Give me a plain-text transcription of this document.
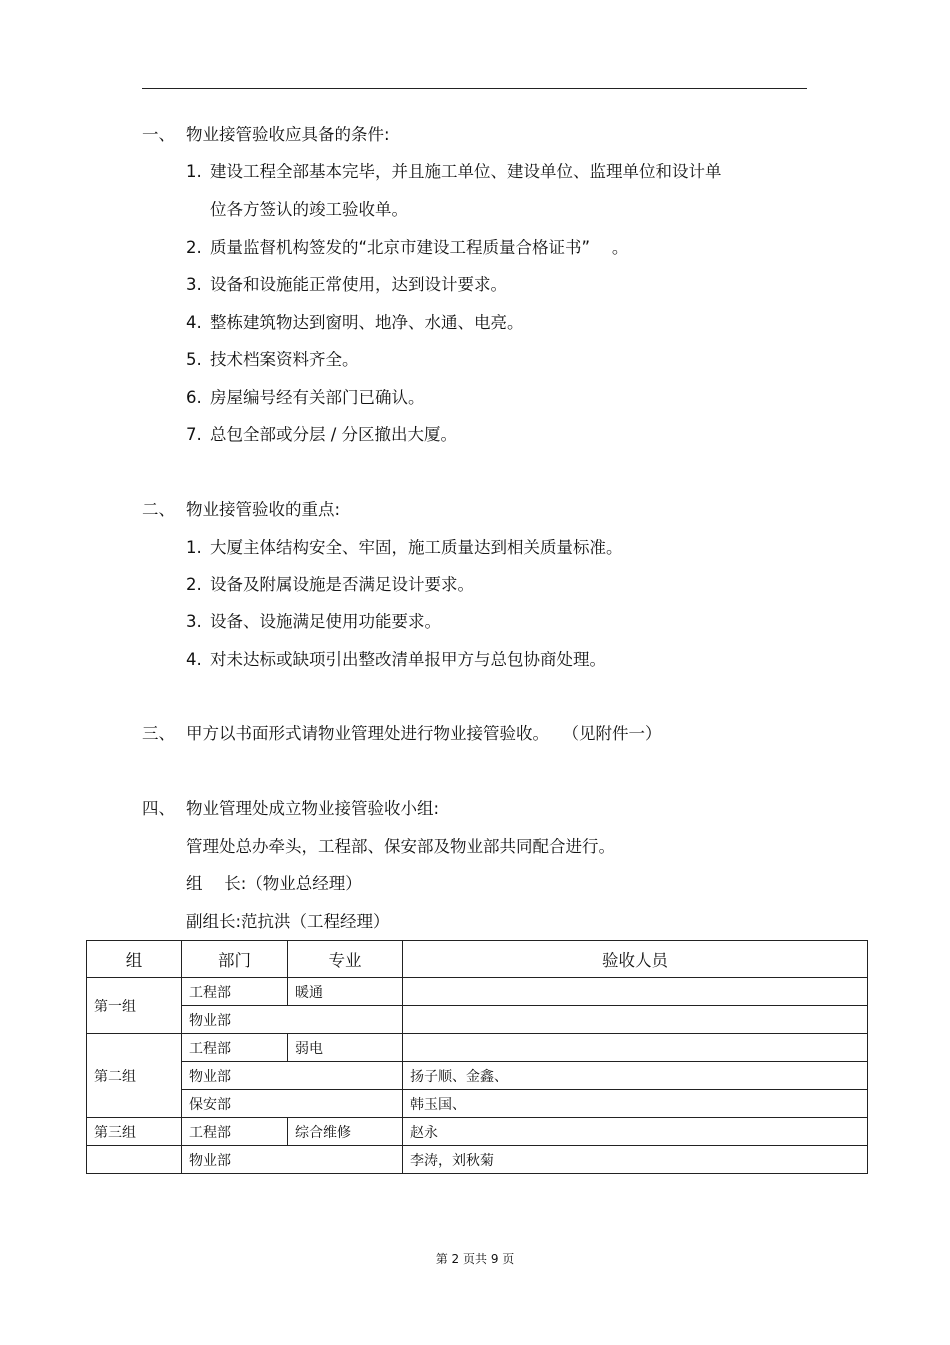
一、 物业接管验收应具备的条件:
1. 建设工程全部基本完毕，并且施工单位、建设单位、监理单位和设计单
位各方签认的竣工验收单。
2. 质量监督机构签发的“北京市建设工程质量合格证书”　 。
3. 设备和设施能正常使用，达到设计要求。
4. 整栋建筑物达到窗明、地净、水通、电亮。
5. 技术档案资料齐全。
6. 房屋编号经有关部门已确认。
7. 总包全部或分层 / 分区撤出大厦。
二、 物业接管验收的重点:
1. 大厦主体结构安全、牢固，施工质量达到相关质量标准。
2. 设备及附属设施是否满足设计要求。
3. 设备、设施满足使用功能要求。
4. 对未达标或缺项引出整改清单报甲方与总包协商处理。
三、 甲方以书面形式请物业管理处进行物业接管验收。　 （见附件一）
四、 物业管理处成立物业接管验收小组:
管理处总办牵头，工程部、保安部及物业部共同配合进行。
组　 长:（物业总经理）
副组长:范抗洪（工程经理）
组	部门	专业	验收人员
第一组	工程部	暖通	
	物业部		
第二组	工程部	弱电	
	物业部		扬子顺、金鑫、
	保安部		韩玉国、
第三组	工程部	综合维修	赵永
	物业部		李涛，刘秋菊
第 2 页共 9 页
